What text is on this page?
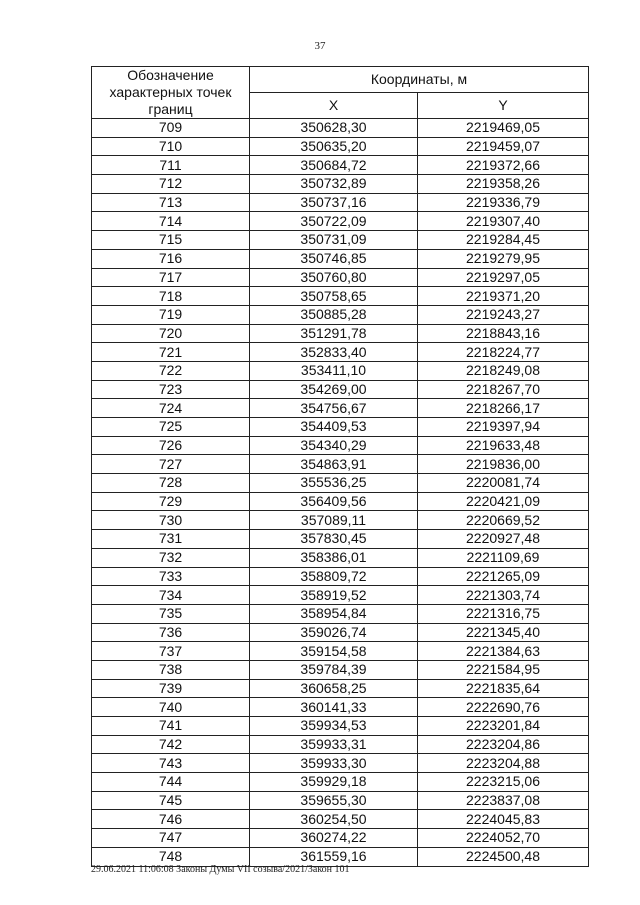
37
Обозначение характерных точек границ	Координаты, м	
	X	Y
709	350628,30	2219469,05
710	350635,20	2219459,07
711	350684,72	2219372,66
712	350732,89	2219358,26
713	350737,16	2219336,79
714	350722,09	2219307,40
715	350731,09	2219284,45
716	350746,85	2219279,95
717	350760,80	2219297,05
718	350758,65	2219371,20
719	350885,28	2219243,27
720	351291,78	2218843,16
721	352833,40	2218224,77
722	353411,10	2218249,08
723	354269,00	2218267,70
724	354756,67	2218266,17
725	354409,53	2219397,94
726	354340,29	2219633,48
727	354863,91	2219836,00
728	355536,25	2220081,74
729	356409,56	2220421,09
730	357089,11	2220669,52
731	357830,45	2220927,48
732	358386,01	2221109,69
733	358809,72	2221265,09
734	358919,52	2221303,74
735	358954,84	2221316,75
736	359026,74	2221345,40
737	359154,58	2221384,63
738	359784,39	2221584,95
739	360658,25	2221835,64
740	360141,33	2222690,76
741	359934,53	2223201,84
742	359933,31	2223204,86
743	359933,30	2223204,88
744	359929,18	2223215,06
745	359655,30	2223837,08
746	360254,50	2224045,83
747	360274,22	2224052,70
748	361559,16	2224500,48
29.06.2021 11:06:08 Законы Думы VII созыва/2021/Закон 101
